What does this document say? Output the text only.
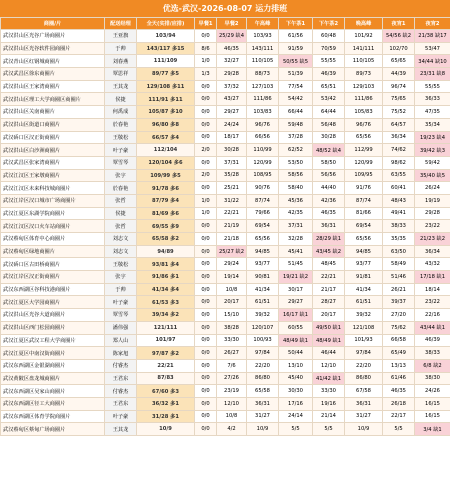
优选-武汉-2026-08-07 运力排班
商圈/片	配送经理	全天(实排/应排)	早餐1	早餐2	午高峰	下午茶1	下午茶2	晚高峰	夜宵1	夜宵2
武汉洪山区光谷广场商圈片	王亚旗	103/94	0/0	25/29 缺4	103/93	61/56	60/48	101/92	54/56 缺2	21/38 缺17
武汉洪山区光谷软件园商圈片	于帅	143/117 多15	8/6	46/35	143/111	91/59	70/59	141/111	102/70	53/47
武汉青山区红钢城商圈片	刘春燕	111/109	1/0	32/27	110/105	50/55 缺5	55/55	110/105	65/65	34/44 缺10
武汉武昌区徐东商圈片	覃思祥	89/77 多5	1/3	29/28	88/73	51/39	46/39	89/73	44/39	23/31 缺8
武汉洪山区王家湾商圈片	王其龙	129/108 多11	0/0	37/32	127/103	77/54	65/51	129/103	96/74	55/55
武汉洪山区理工大学商圈区商圈片	侯捷	111/91 多11	0/0	43/27	111/86	54/42	53/42	111/86	75/65	36/33
武汉洪山区关南商圈片	何禹成	105/87 多10	0/0	29/27	103/83	66/44	64/44	105/83	75/52	47/35
武汉洪山区街道口商圈片	於春艳	96/80 多8	0/0	24/24	96/76	59/48	56/48	96/76	64/57	35/34
武汉硚口区汉正街商圈片	王敬松	66/57 多4	0/0	18/17	66/56	37/28	30/28	65/56	36/34	19/23 缺4
武汉洪山区白沙洲商圈片	叶子豪	112/104	2/0	30/28	110/99	62/52	48/52 缺4	112/99	74/62	39/42 缺3
武汉武昌区张家湾商圈片	覃雪琴	120/104 多6	0/0	37/31	120/99	53/50	58/50	120/99	98/62	59/42
武汉江汉区王家墩商圈片	张宇	109/99 多5	2/0	35/28	108/95	58/56	56/56	109/95	63/55	35/40 缺5
武汉江汉区未来科技城商圈片	於春艳	91/78 多6	0/0	25/21	90/76	58/40	44/40	91/76	60/41	26/24
武汉江岸区汉口城市广场商圈片	张哲	87/79 多4	1/0	31/22	87/74	45/36	42/36	87/74	48/43	19/19
武汉江夏区东湖学院商圈片	侯捷	81/69 多6	1/0	22/21	79/66	42/35	46/35	81/66	49/41	29/28
武汉江汉区汉口火车站商圈片	张哲	69/55 多9	0/0	21/19	69/54	37/31	36/31	69/54	38/33	23/22
武汉蔡甸区体育中心商圈片	刘志文	65/58 多2	0/0	21/18	65/56	32/28	28/29 缺1	65/56	35/35	21/23 缺2
武汉蔡甸区绿地商圈片	刘志文	94/89	0/0	25/27 缺2	94/85	45/41	43/45 缺2	94/85	63/50	36/34
武汉硚口区古田桥商圈片	王敬松	93/81 多4	0/0	29/24	93/77	51/45	48/45	93/77	58/49	43/32
武汉江岸区汉正街商圈片	张宇	91/86 多1	0/0	19/14	90/81	19/21 缺2	22/21	91/81	51/46	17/18 缺1
武汉东西湖区谷科技港商圈片	于帅	41/34 多4	0/0	10/8	41/34	30/17	21/17	41/34	26/21	18/14
武汉江夏区大学园商圈片	叶子豪	61/53 多3	0/0	20/17	61/51	29/27	28/27	61/51	39/37	23/22
武汉洪山区光谷大道商圈片	覃雪琴	39/34 多2	0/0	15/10	39/32	16/17 缺1	20/17	39/32	27/20	22/16
武汉洪山区西门松园商圈片	潘伟强	121/111	0/0	38/28	120/107	60/55	49/50 缺1	121/108	75/62	43/44 缺1
武汉江夏区武汉工程大学商圈片	郑人山	101/97	0/0	33/30	100/93	48/49 缺1	48/49 缺1	101/93	66/58	46/39
武汉江夏区中南汉街商圈片	陈家旭	97/87 多2	0/0	26/27	97/84	50/44	46/44	97/84	65/49	38/33
武汉东西湖区金银湖商圈片	付睿杰	22/21	0/0	7/6	22/20	13/10	12/10	22/20	13/13	6/8 缺2
武汉黄陂区盘龙城商圈片	王君东	87/83	0/0	27/26	86/80	45/40	41/42 缺1	86/80	61/46	38/30
武汉东西湖区吴家山商圈片	付睿杰	67/60 多3	0/0	23/19	65/58	30/30	33/30	67/58	46/35	24/26
武汉东西湖区径工大商圈片	王君东	36/32 多1	0/0	12/10	36/31	17/16	19/16	36/31	26/18	16/15
武汉东西湖区体育学院商圈片	叶子豪	31/28 多1	0/0	10/8	31/27	24/14	21/14	31/27	22/17	16/15
武汉蔡甸区蔡甸广场商圈片	王其龙	10/9	0/0	4/2	10/9	5/5	5/5	10/9	5/5	3/4 缺1
